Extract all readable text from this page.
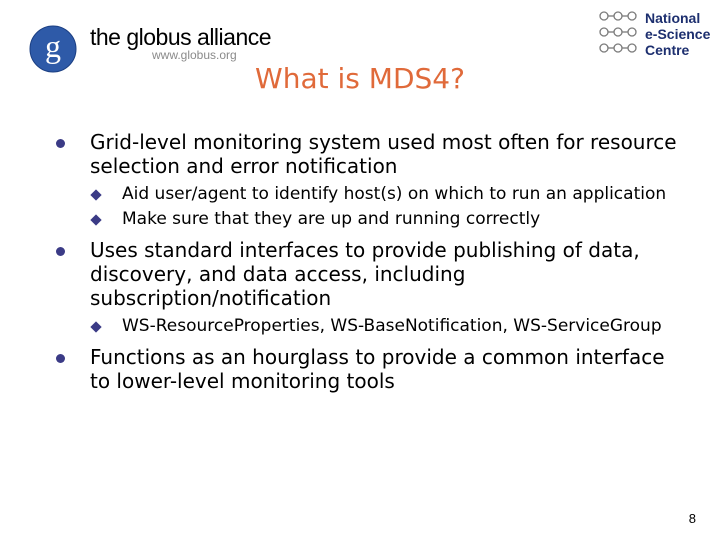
g the globus alliance
www.globus.org
National
e-Science
Centre
What is MDS4?
Grid-level monitoring system used most often for resource selection and error notification
Aid user/agent to identify host(s) on which to run an application
Make sure that they are up and running correctly
Uses standard interfaces to provide publishing of data, discovery, and data access, including subscription/notification
WS-ResourceProperties, WS-BaseNotification, WS-ServiceGroup
Functions as an hourglass to provide a common interface to lower-level monitoring tools
8
